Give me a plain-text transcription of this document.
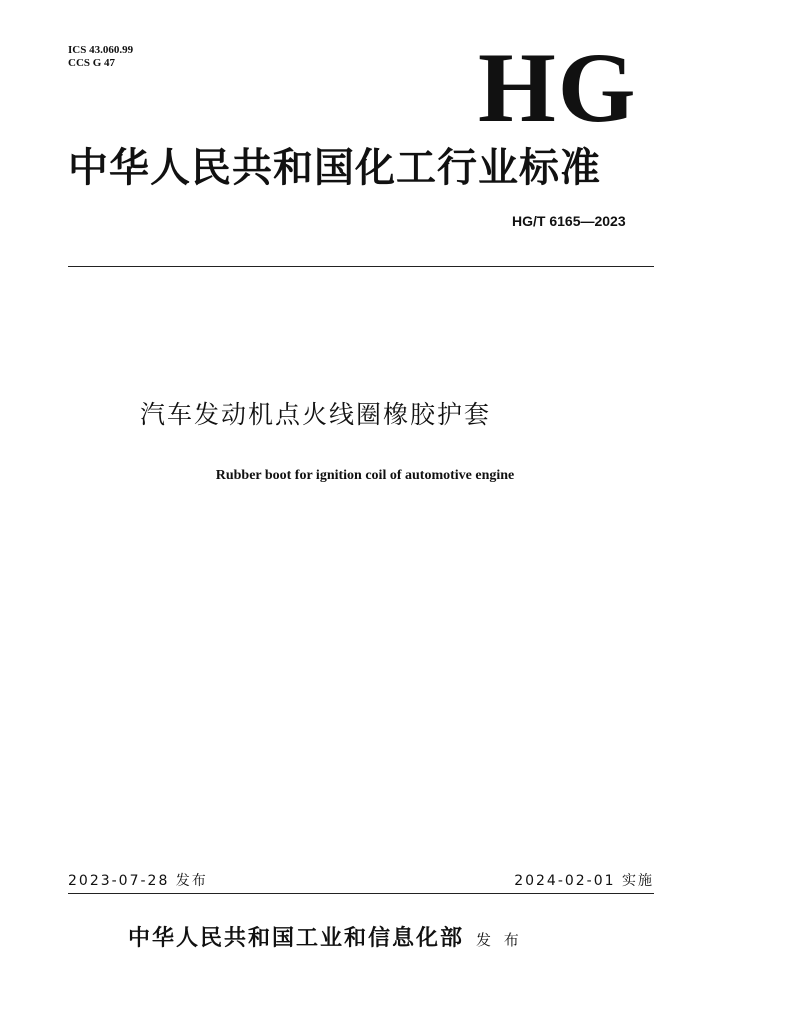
ICS 43.060.99
CCS G 47	HG
中华人民共和国化工行业标准
HG/T 6165—2023
汽车发动机点火线圈橡胶护套
Rubber boot for ignition coil of automotive engine
2023-07-28 发布	2024-02-01 实施
中华人民共和国工业和信息化部 发 布
